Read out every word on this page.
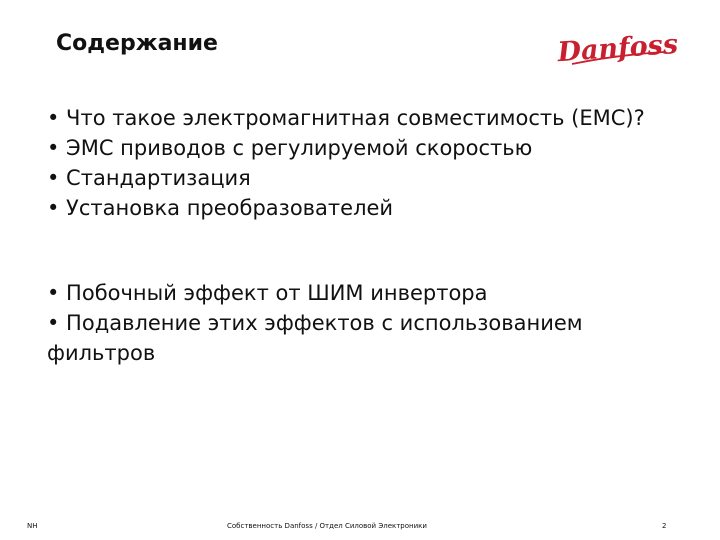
Содержание	Danfoss
• Что такое электромагнитная совместимость (EMC)?
• ЭМС приводов с регулируемой скоростью
• Стандартизация
• Установка преобразователей
• Побочный эффект от ШИМ инвертора
• Подавление этих эффектов с использованием фильтров
NH	Собственность Danfoss / Отдел Силовой Электроники	2
